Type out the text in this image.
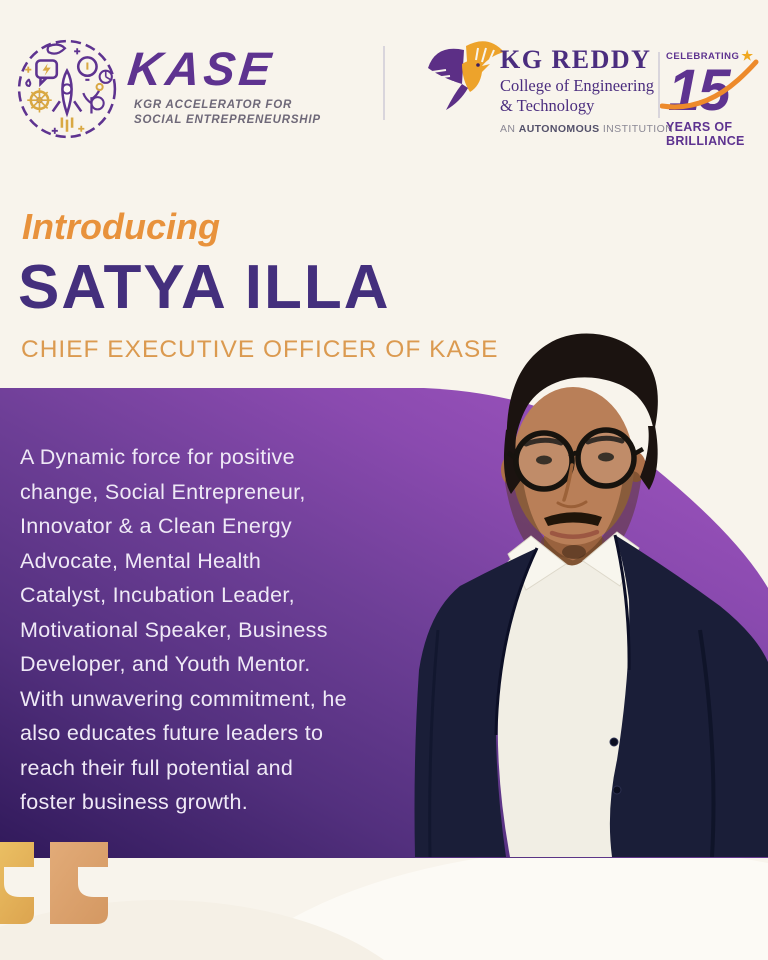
KASE
KGR ACCELERATOR FOR
SOCIAL ENTREPRENEURSHIP
KG REDDY
College of Engineering
& Technology
AN AUTONOMOUS INSTITUTION
CELEBRATING ★
15
YEARS OF
BRILLIANCE
Introducing
SATYA ILLA
CHIEF EXECUTIVE OFFICER OF KASE
A Dynamic force for positive
change, Social Entrepreneur,
Innovator & a Clean Energy
Advocate, Mental Health
Catalyst, Incubation Leader,
Motivational Speaker, Business
Developer, and Youth Mentor.
With unwavering commitment, he
also educates future leaders to
reach their full potential and
foster business growth.
